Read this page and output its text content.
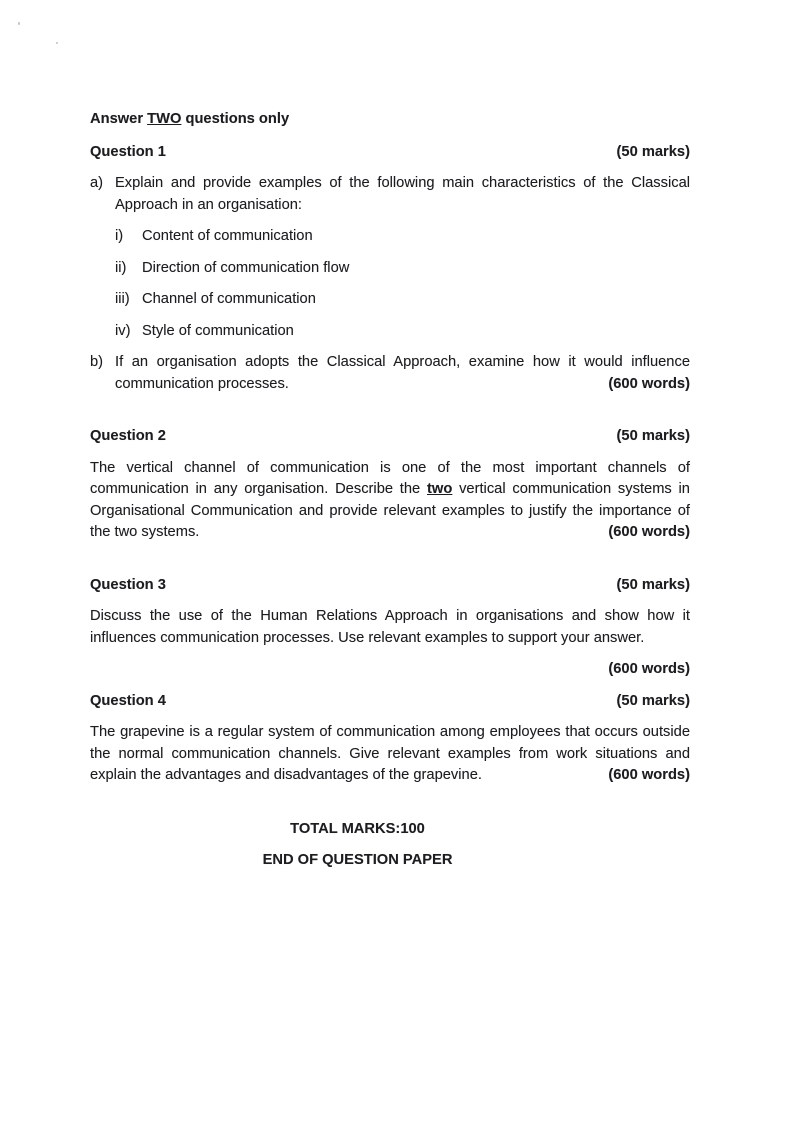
Answer TWO questions only
Question 1	(50 marks)
a) Explain and provide examples of the following main characteristics of the Classical Approach in an organisation:
i)	Content of communication
ii)	Direction of communication flow
iii) Channel of communication
iv) Style of communication
b) If an organisation adopts the Classical Approach, examine how it would influence communication processes.	(600 words)
Question 2	(50 marks)

The vertical channel of communication is one of the most important channels of communication in any organisation. Describe the two vertical communication systems in Organisational Communication and provide relevant examples to justify the importance of the two systems.	(600 words)

Question 3	(50 marks)

Discuss the use of the Human Relations Approach in organisations and show how it influences communication processes. Use relevant examples to support your answer.

(600 words)
Question 4	(50 marks)

The grapevine is a regular system of communication among employees that occurs outside the normal communication channels. Give relevant examples from work situations and explain the advantages and disadvantages of the grapevine.	(600 words)

TOTAL MARKS:100
END OF QUESTION PAPER
